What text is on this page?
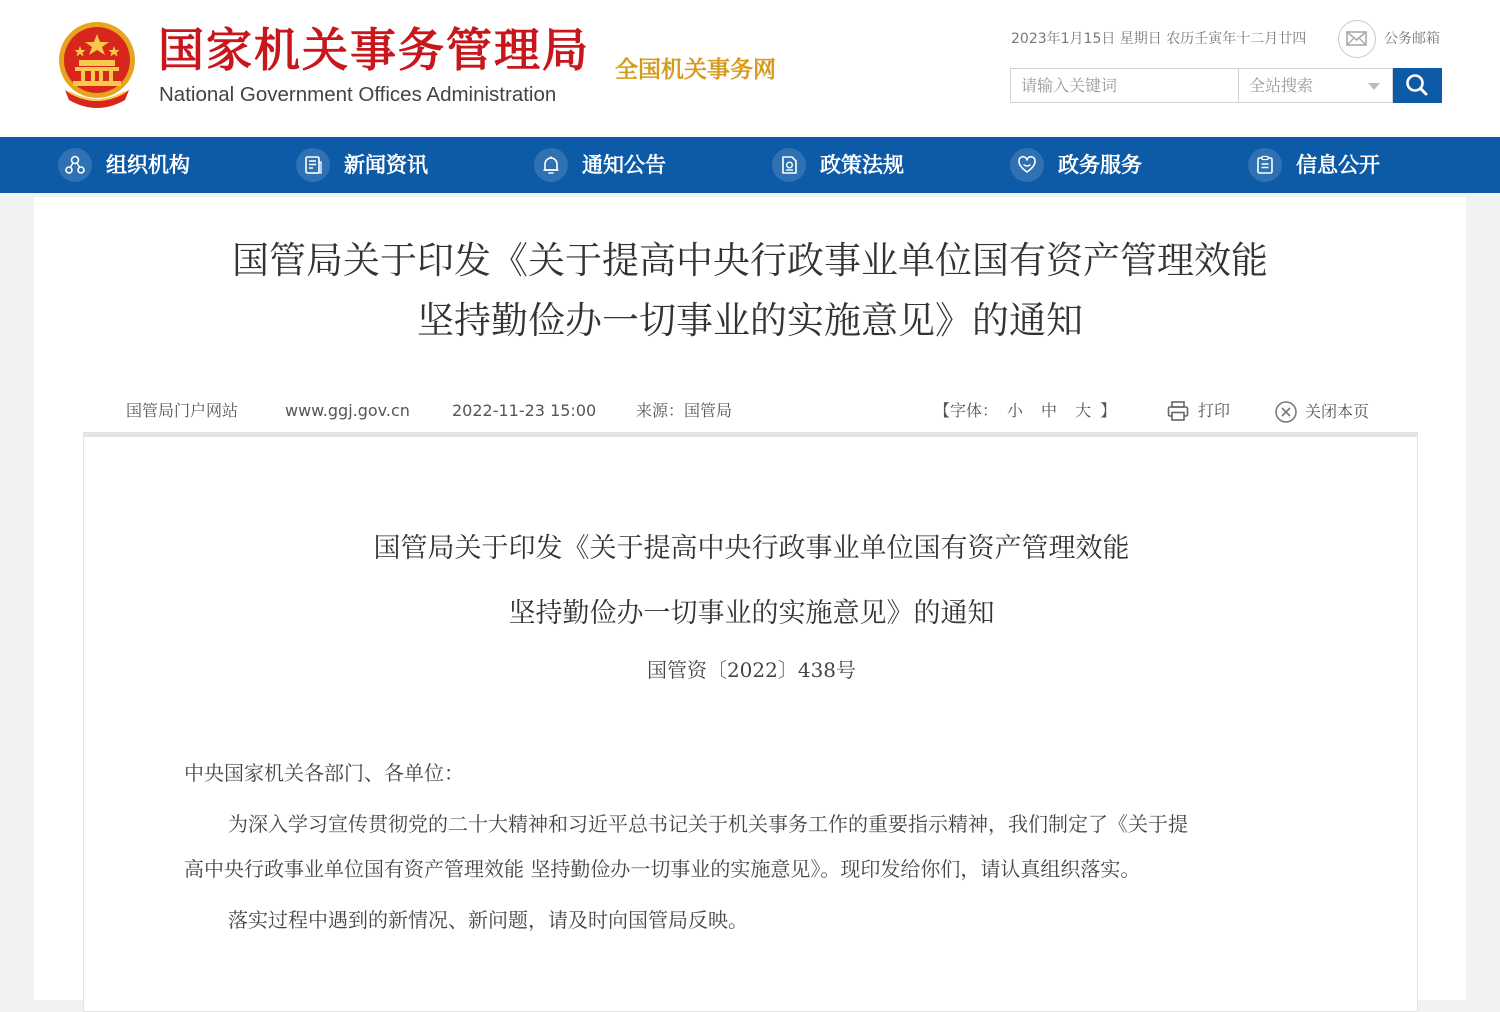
国家机关事务管理局
National Government Offices Administration
全国机关事务网
2023年1月15日 星期日 农历壬寅年十二月廿四	公务邮箱
请输入关键词
全站搜索
组织机构	新闻资讯	通知公告	政策法规	政务服务	信息公开
国管局关于印发《关于提高中央行政事业单位国有资产管理效能
坚持勤俭办一切事业的实施意见》的通知
国管局门户网站	www.ggj.gov.cn	2022-11-23 15:00 来源：国管局	【 字体： 小 中 大 】	打印	关闭本页
国管局关于印发《关于提高中央行政事业单位国有资产管理效能
坚持勤俭办一切事业的实施意见》的通知
国管资〔2022〕438号
中央国家机关各部门、各单位：
为深入学习宣传贯彻党的二十大精神和习近平总书记关于机关事务工作的重要指示精神，我们制定了《关于提
高中央行政事业单位国有资产管理效能 坚持勤俭办一切事业的实施意见》。现印发给你们，请认真组织落实。
落实过程中遇到的新情况、新问题，请及时向国管局反映。
